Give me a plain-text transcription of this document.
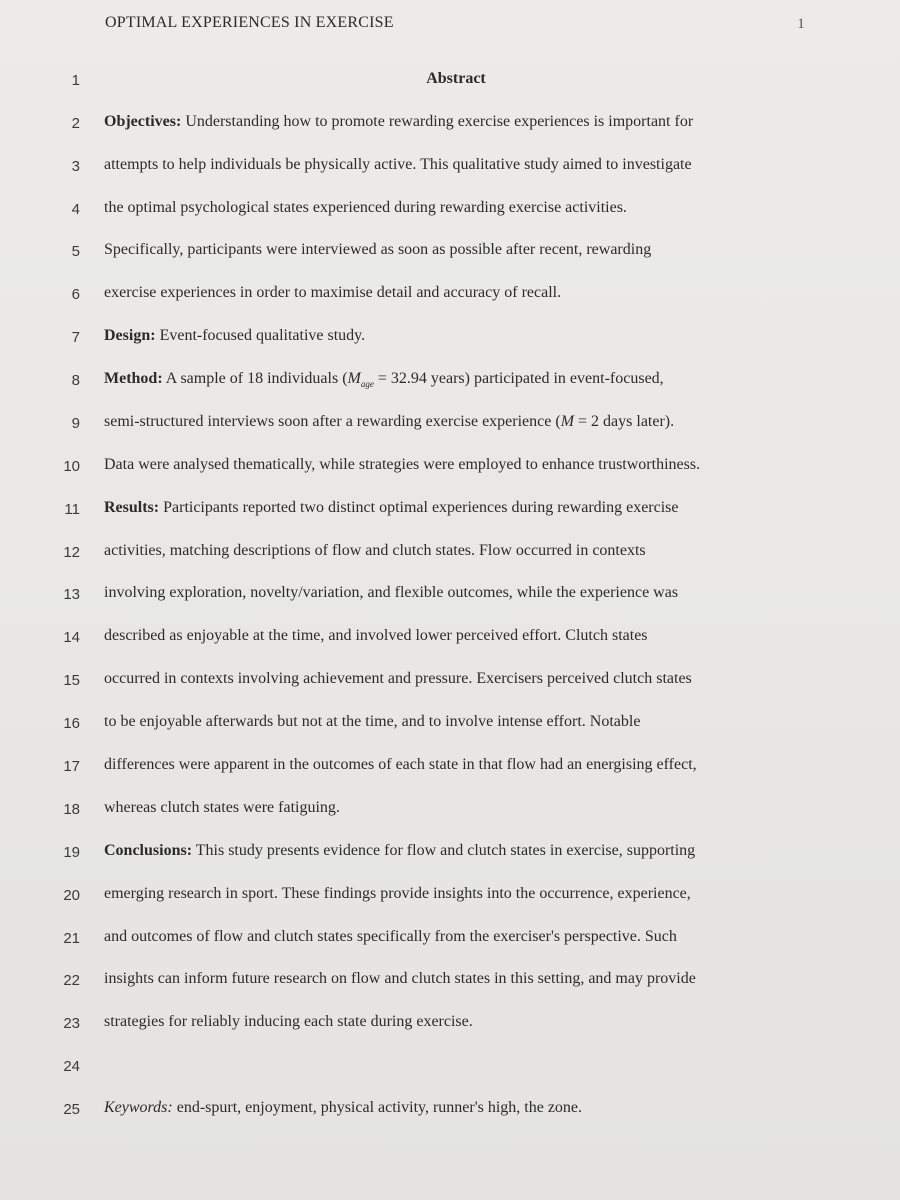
OPTIMAL EXPERIENCES IN EXERCISE	1
1	Abstract
2 Objectives: Understanding how to promote rewarding exercise experiences is important for
3 attempts to help individuals be physically active. This qualitative study aimed to investigate
4 the optimal psychological states experienced during rewarding exercise activities.
5 Specifically, participants were interviewed as soon as possible after recent, rewarding
6 exercise experiences in order to maximise detail and accuracy of recall.
7 Design: Event-focused qualitative study.
8 Method: A sample of 18 individuals ($M_{age} = 32.94$ years) participated in event-focused,
9 semi-structured interviews soon after a rewarding exercise experience (M = 2 days later).
10 Data were analysed thematically, while strategies were employed to enhance trustworthiness.
11 Results: Participants reported two distinct optimal experiences during rewarding exercise
12 activities, matching descriptions of flow and clutch states. Flow occurred in contexts
13 involving exploration, novelty/variation, and flexible outcomes, while the experience was
14 described as enjoyable at the time, and involved lower perceived effort. Clutch states
15 occurred in contexts involving achievement and pressure. Exercisers perceived clutch states
16 to be enjoyable afterwards but not at the time, and to involve intense effort. Notable
17 differences were apparent in the outcomes of each state in that flow had an energising effect,
18 whereas clutch states were fatiguing.
19 Conclusions: This study presents evidence for flow and clutch states in exercise, supporting
20 emerging research in sport. These findings provide insights into the occurrence, experience,
21 and outcomes of flow and clutch states specifically from the exerciser's perspective. Such
22 insights can inform future research on flow and clutch states in this setting, and may provide
23 strategies for reliably inducing each state during exercise.
24
25 Keywords: end-spurt, enjoyment, physical activity, runner's high, the zone.
